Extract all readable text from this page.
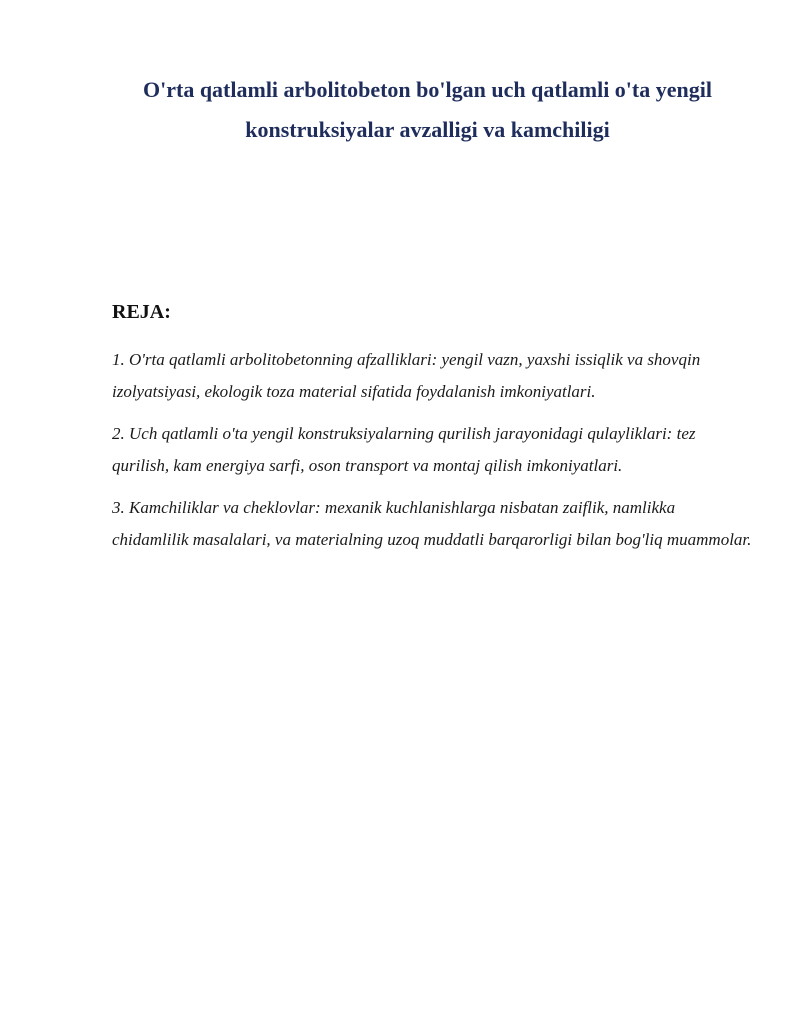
O'rta qatlamli arbolitobeton bo'lgan uch qatlamli o'ta yengil konstruksiyalar avzalligi va kamchiligi
REJA:
1. O'rta qatlamli arbolitobetonning afzalliklari: yengil vazn, yaxshi issiqlik va shovqin izolyatsiyasi, ekologik toza material sifatida foydalanish imkoniyatlari.
2. Uch qatlamli o'ta yengil konstruksiyalarning qurilish jarayonidagi qulayliklari: tez qurilish, kam energiya sarfi, oson transport va montaj qilish imkoniyatlari.
3. Kamchiliklar va cheklovlar: mexanik kuchlanishlarga nisbatan zaiflik, namlikka chidamlilik masalalari, va materialning uzoq muddatli barqarorligi bilan bog'liq muammolar.
